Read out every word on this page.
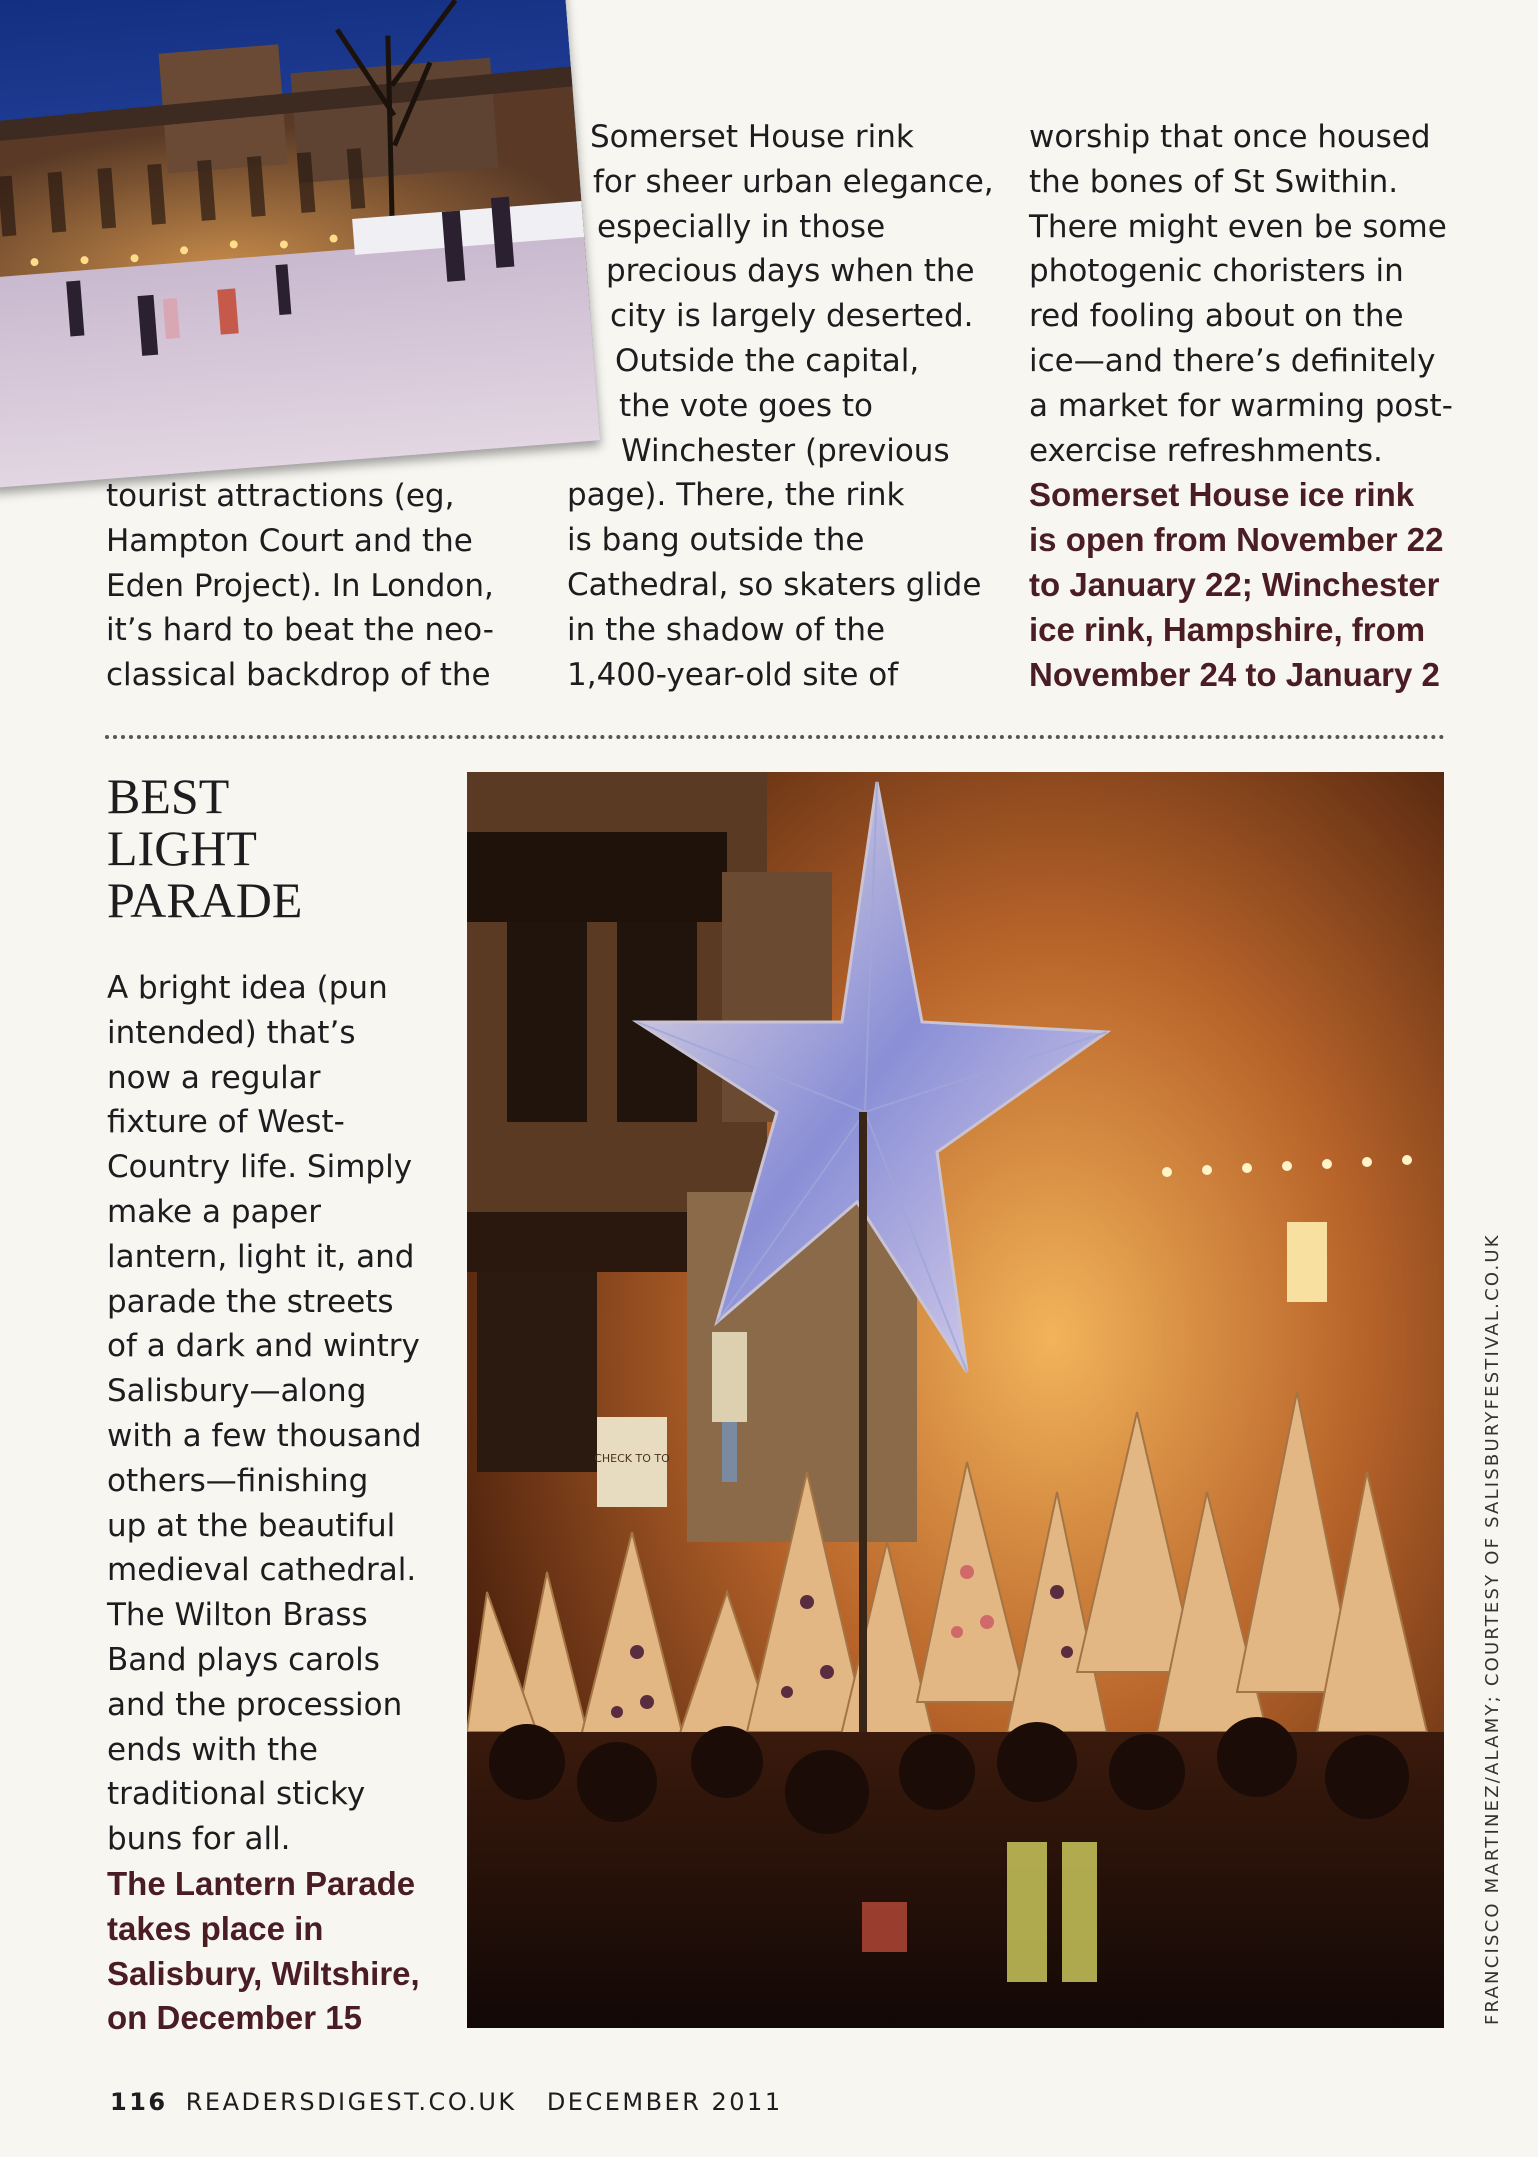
tourist attractions (eg,
Hampton Court and the
Eden Project). In London,
it’s hard to beat the neo-
classical backdrop of the
Somerset House rink
for sheer urban elegance,
especially in those
precious days when the
city is largely deserted.
Outside the capital,
the vote goes to
Winchester (previous
page). There, the rink
is bang outside the
Cathedral, so skaters glide
in the shadow of the
1,400-year-old site of
worship that once housed
the bones of St Swithin.
There might even be some
photogenic choristers in
red fooling about on the
ice—and there’s definitely
a market for warming post-
exercise refreshments.
Somerset House ice rink
is open from November 22
to January 22; Winchester
ice rink, Hampshire, from
November 24 to January 2
BEST
LIGHT
PARADE
A bright idea (pun
intended) that’s
now a regular
fixture of West-
Country life. Simply
make a paper
lantern, light it, and
parade the streets
of a dark and wintry
Salisbury—along
with a few thousand
others—finishing
up at the beautiful
medieval cathedral.
The Wilton Brass
Band plays carols
and the procession
ends with the
traditional sticky
buns for all.
The Lantern Parade
takes place in
Salisbury, Wiltshire,
on December 15
CHECK TO TO	FRANCISCO MARTINEZ/ALAMY; COURTESY OF SALISBURYFESTIVAL.CO.UK
116 READERSDIGEST.CO.UK DECEMBER 2011
